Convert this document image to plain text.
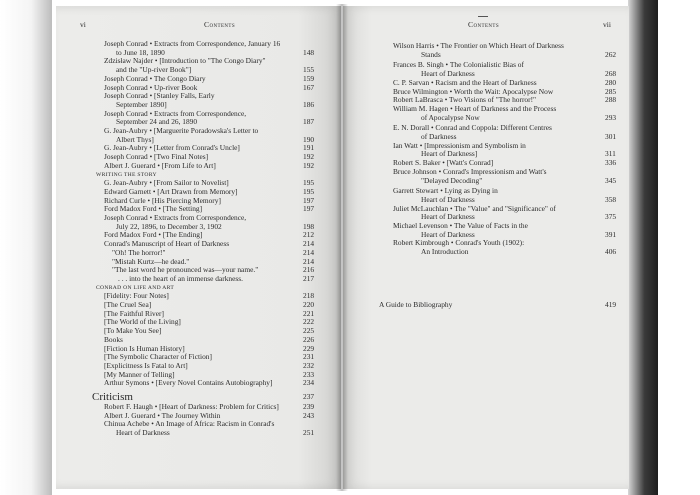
vi	Contents
Joseph Conrad • Extracts from Correspondence, January 16
to June 18, 1890	148
Zdzisław Najder • [Introduction to "The Congo Diary"
and the "Up-river Book"]	155
Joseph Conrad • The Congo Diary	159
Joseph Conrad • Up-river Book	167
Joseph Conrad • [Stanley Falls, Early
September 1890]	186
Joseph Conrad • Extracts from Correspondence,
September 24 and 26, 1890	187
G. Jean-Aubry • [Marguerite Poradowska's Letter to
Albert Thys]	190
G. Jean-Aubry • [Letter from Conrad's Uncle]	191
Joseph Conrad • [Two Final Notes]	192
Albert J. Guerard • [From Life to Art]	192
WRITING THE STORY
G. Jean-Aubry • [From Sailor to Novelist]	195
Edward Garnett • [Art Drawn from Memory]	195
Richard Curle • [His Piercing Memory]	197
Ford Madox Ford • [The Setting]	197
Joseph Conrad • Extracts from Correspondence,
July 22, 1896, to December 3, 1902	198
Ford Madox Ford • [The Ending]	212
Conrad's Manuscript of Heart of Darkness	214
"Oh! The horror!"	214
"Mistah Kurtz—he dead."	214
"The last word he pronounced was—your name."	216
. . . into the heart of an immense darkness.	217
CONRAD ON LIFE AND ART
[Fidelity: Four Notes]	218
[The Cruel Sea]	220
[The Faithful River]	221
[The World of the Living]	222
[To Make You See]	225
Books	226
[Fiction Is Human History]	229
[The Symbolic Character of Fiction]	231
[Explicitness Is Fatal to Art]	232
[My Manner of Telling]	233
Arthur Symons • [Every Novel Contains Autobiography]	234
Criticism	237
Robert F. Haugh • [Heart of Darkness: Problem for Critics]	239
Albert J. Guerard • The Journey Within	243
Chinua Achebe • An Image of Africa: Racism in Conrad's
Heart of Darkness	251
Contents	vii
Wilson Harris • The Frontier on Which Heart of Darkness
Stands	262
Frances B. Singh • The Colonialistic Bias of
Heart of Darkness	268
C. P. Sarvan • Racism and the Heart of Darkness	280
Bruce Wilmington • Worth the Wait: Apocalypse Now	285
Robert LaBrasca • Two Visions of "The horror!"	288
William M. Hagen • Heart of Darkness and the Process
of Apocalypse Now	293
E. N. Dorall • Conrad and Coppola: Different Centres
of Darkness	301
Ian Watt • [Impressionism and Symbolism in
Heart of Darkness]	311
Robert S. Baker • [Watt's Conrad]	336
Bruce Johnson • Conrad's Impressionism and Watt's
"Delayed Decoding"	345
Garrett Stewart • Lying as Dying in
Heart of Darkness	358
Juliet McLauchlan • The "Value" and "Significance" of
Heart of Darkness	375
Michael Levenson • The Value of Facts in the
Heart of Darkness	391
Robert Kimbrough • Conrad's Youth (1902):
An Introduction	406
A Guide to Bibliography	419
